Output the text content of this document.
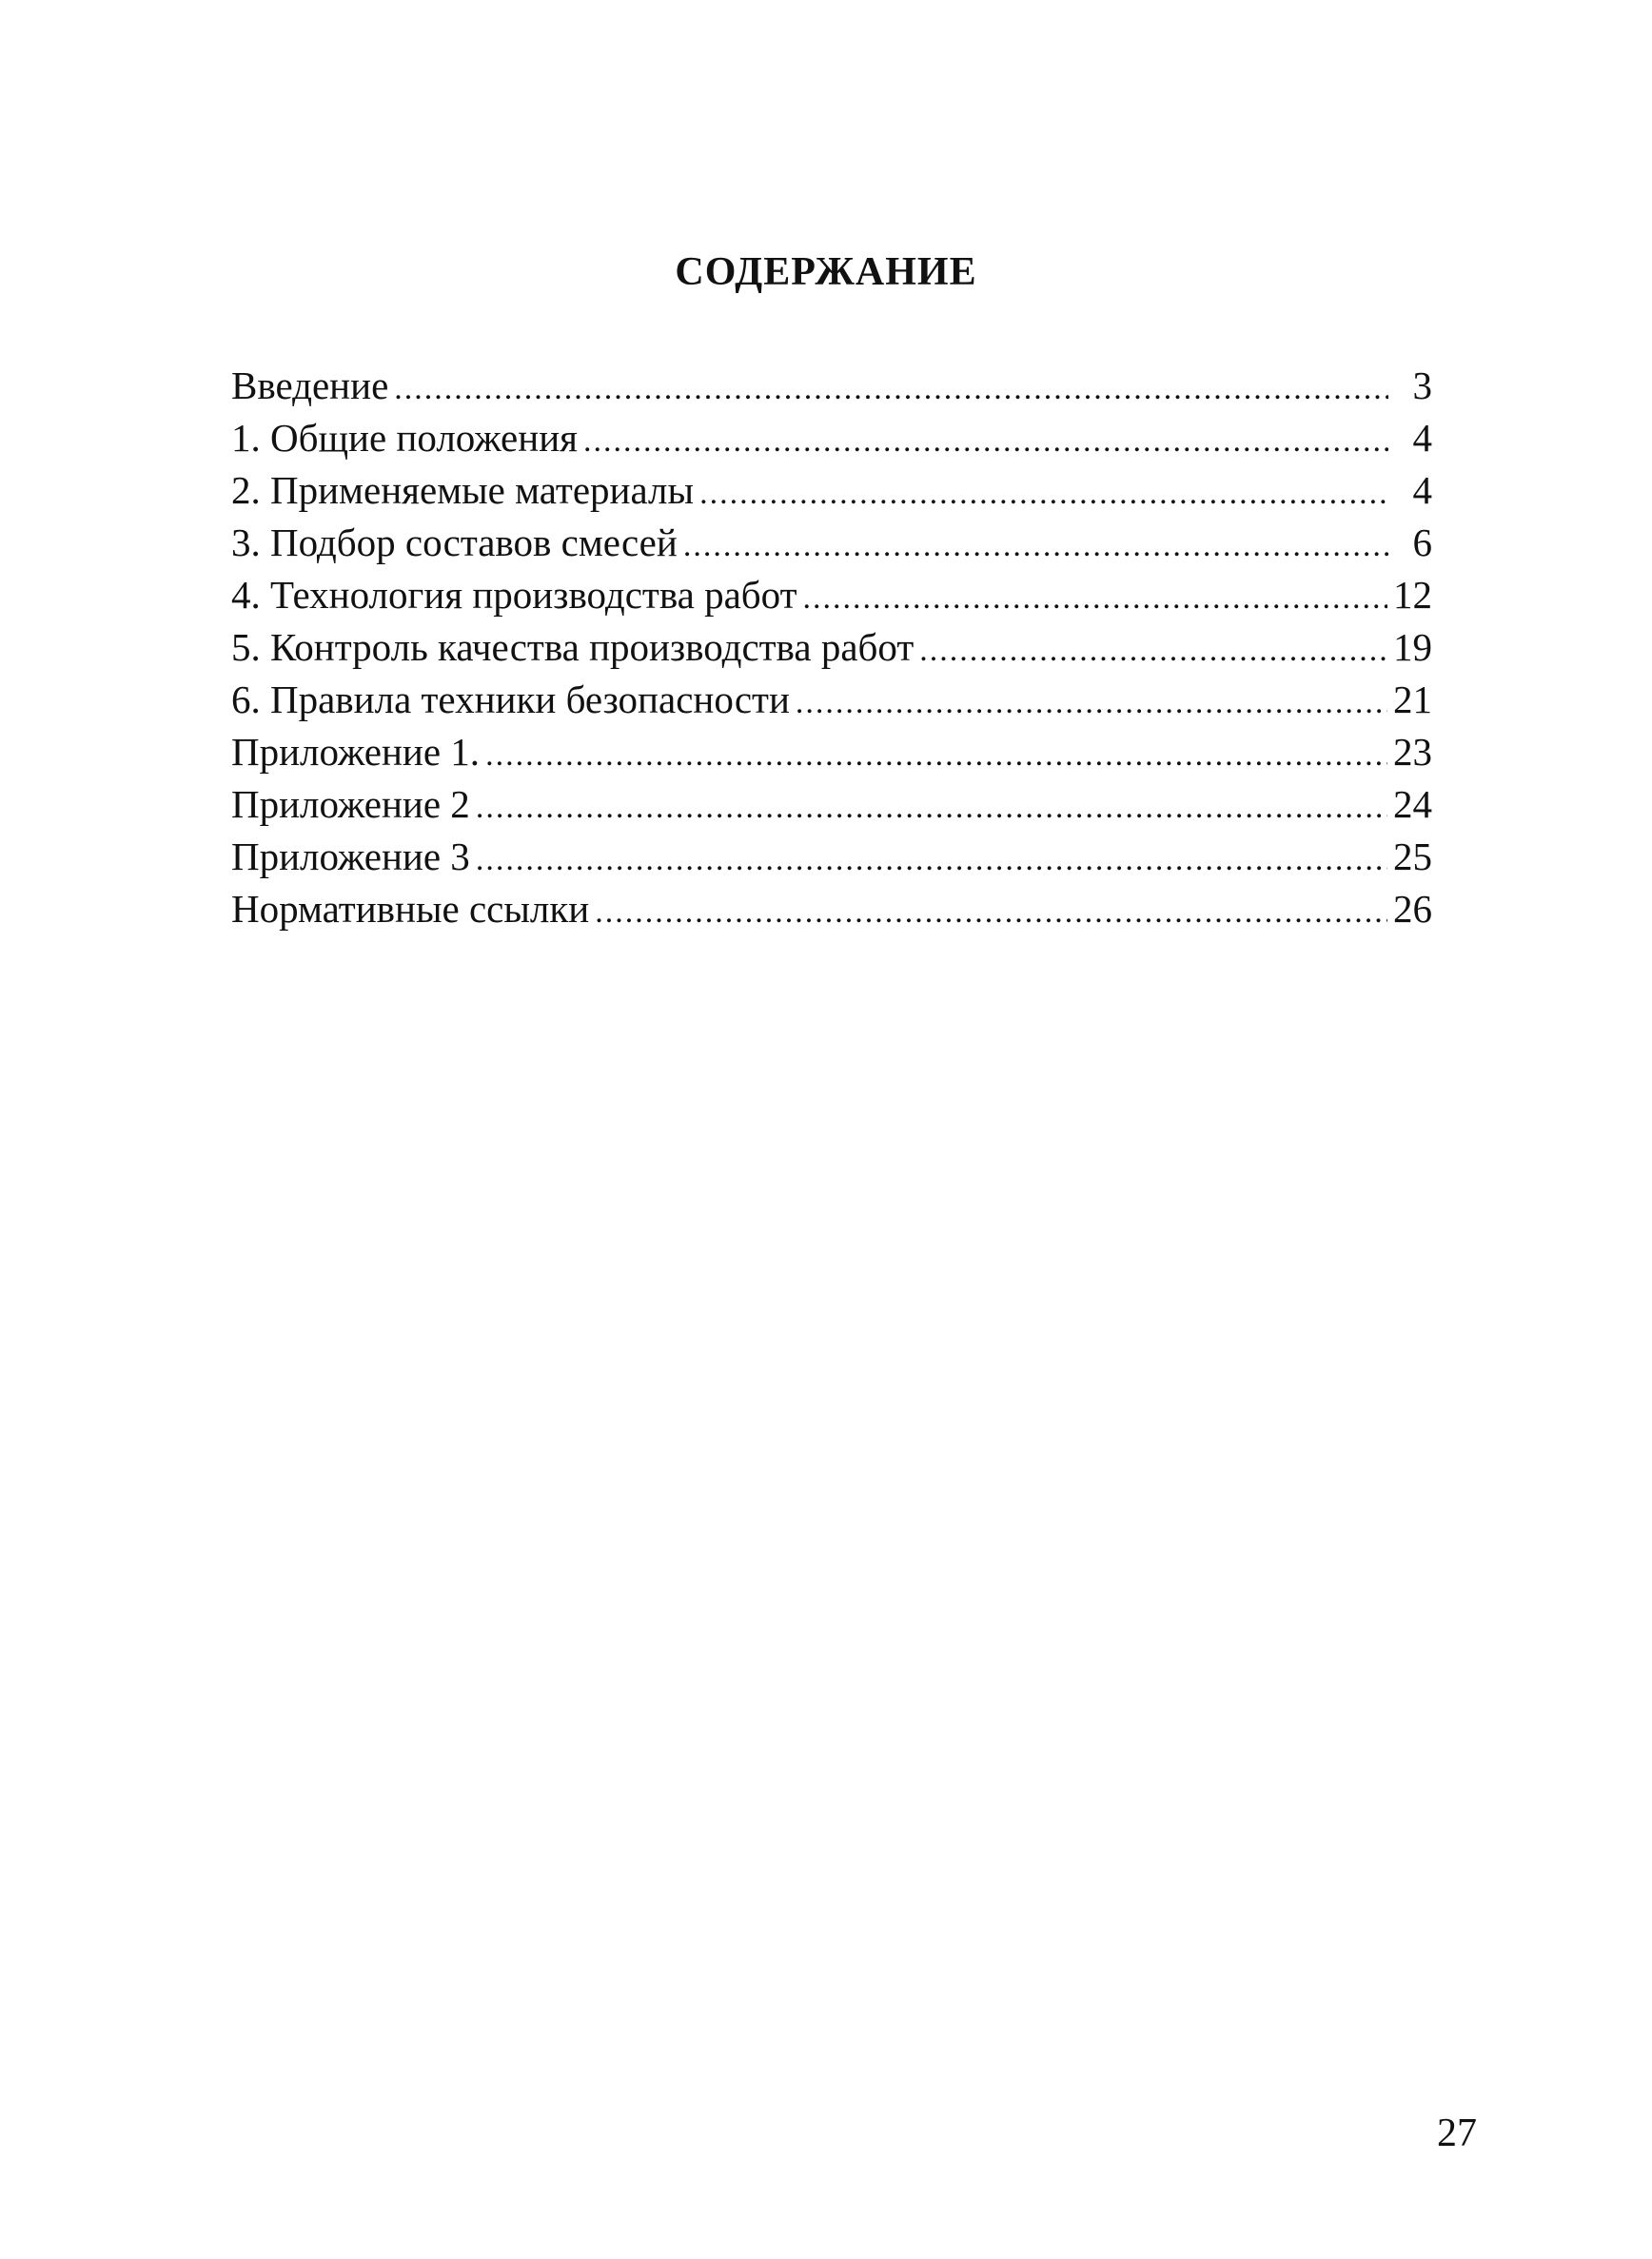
СОДЕРЖАНИЕ
Введение .....	3
1. Общие положения .....	4
2. Применяемые материалы .....	4
3. Подбор составов смесей .....	6
4. Технология производства работ .....	12
5. Контроль качества производства работ .....	19
6. Правила техники безопасности .....	21
Приложение 1. .....	23
Приложение 2 .....	24
Приложение 3 .....	25
Нормативные ссылки .....	26
27
